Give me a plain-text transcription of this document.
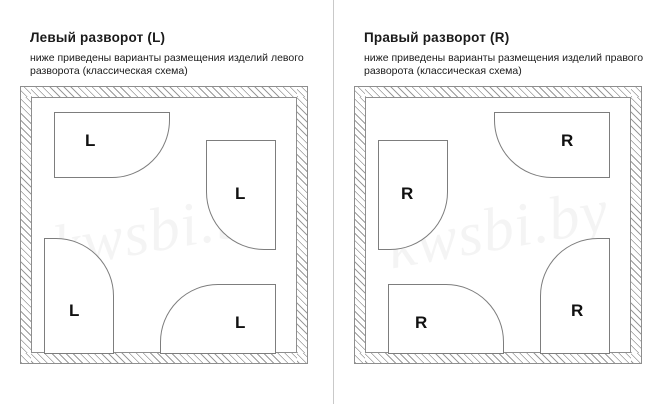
Левый разворот (L)
ниже приведены варианты размещения изделий левого разворота (классическая схема)
L
L
L
L
Правый разворот (R)
ниже приведены варианты размещения изделий правого разворота (классическая схема)
R
R
R
R
